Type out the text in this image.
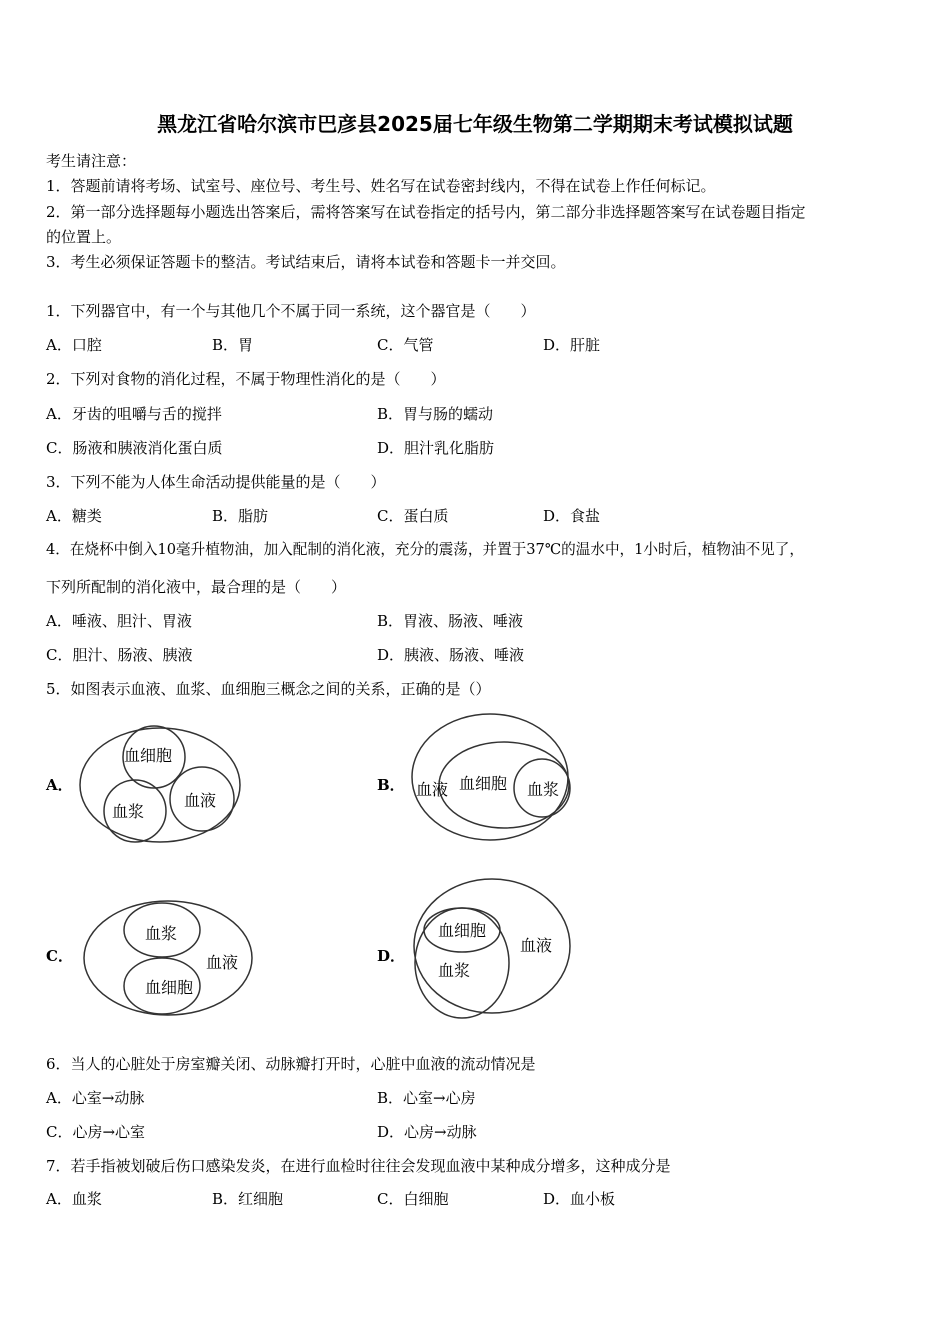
黑龙江省哈尔滨市巴彦县2025届七年级生物第二学期期末考试模拟试题
考生请注意：
1．答题前请将考场、试室号、座位号、考生号、姓名写在试卷密封线内，不得在试卷上作任何标记。
2．第一部分选择题每小题选出答案后，需将答案写在试卷指定的括号内，第二部分非选择题答案写在试卷题目指定
的位置上。
3．考生必须保证答题卡的整洁。考试结束后，请将本试卷和答题卡一并交回。
1．下列器官中，有一个与其他几个不属于同一系统，这个器官是（　　）
A．口腔	B．胃	C．气管	D．肝脏
2．下列对食物的消化过程，不属于物理性消化的是（　　）
A．牙齿的咀嚼与舌的搅拌	B．胃与肠的蠕动
C．肠液和胰液消化蛋白质	D．胆汁乳化脂肪
3．下列不能为人体生命活动提供能量的是（　　）
A．糖类	B．脂肪	C．蛋白质	D．食盐
4．在烧杯中倒入10毫升植物油，加入配制的消化液，充分的震荡，并置于37℃的温水中，1小时后，植物油不见了，
下列所配制的消化液中，最合理的是（　　）
A．唾液、胆汁、胃液	B．胃液、肠液、唾液
C．胆汁、肠液、胰液	D．胰液、肠液、唾液
5．如图表示血液、血浆、血细胞三概念之间的关系，正确的是（）
A．	B．
C．	D．
血细胞
血浆
血液
血液 血细胞 血浆
血浆
血液
血细胞
血细胞
血液
血浆
6．当人的心脏处于房室瓣关闭、动脉瓣打开时，心脏中血液的流动情况是
A．心室→动脉	B．心室→心房
C．心房→心室	D．心房→动脉
7．若手指被划破后伤口感染发炎，在进行血检时往往会发现血液中某种成分增多，这种成分是
A．血浆	B．红细胞	C．白细胞	D．血小板
